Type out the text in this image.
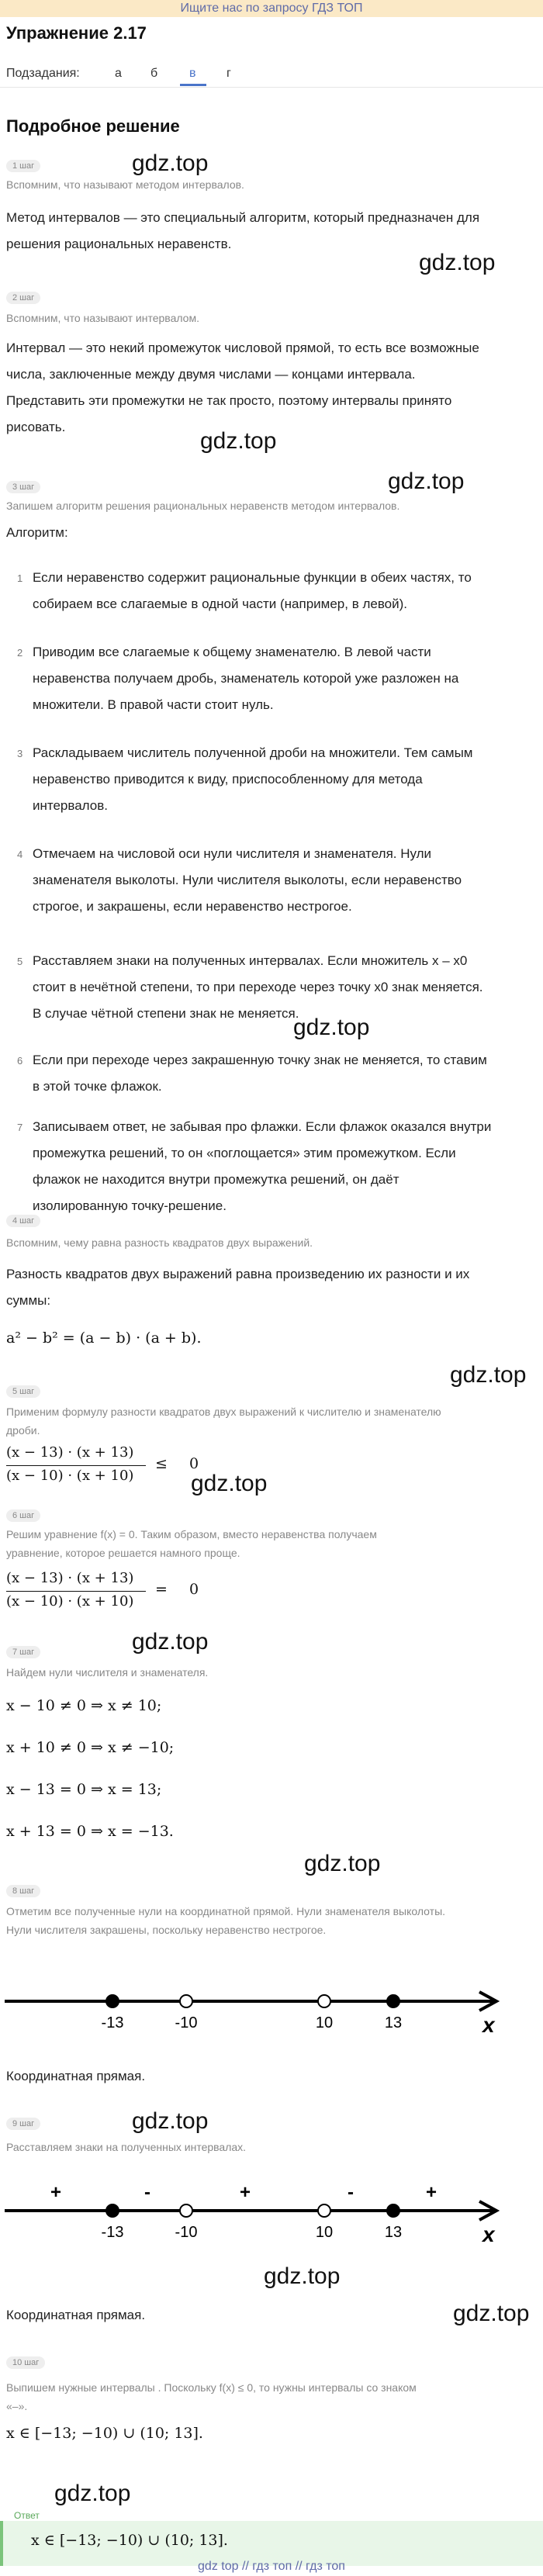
Ищите нас по запросу ГДЗ ТОП
Упражнение 2.17
Подзадания:	а б	в г
Подробное решение
1 шаг	gdz.top
Вспомним, что называют методом интервалов.
Метод интервалов — это специальный алгоритм, который предназначен для
решения рациональных неравенств.
gdz.top
2 шаг
Вспомним, что называют интервалом.
Интервал — это некий промежуток числовой прямой, то есть все возможные
числа, заключенные между двумя числами — концами интервала.
Представить эти промежутки не так просто, поэтому интервалы принято
рисовать.
gdz.top
gdz.top
3 шаг
Запишем алгоритм решения рациональных неравенств методом интервалов.
Алгоритм:
1 Если неравенство содержит рациональные функции в обеих частях, то
собираем все слагаемые в одной части (например, в левой).
2 Приводим все слагаемые к общему знаменателю. В левой части
неравенства получаем дробь, знаменатель которой уже разложен на
множители. В правой части стоит нуль.
3 Раскладываем числитель полученной дроби на множители. Тем самым
неравенство приводится к виду, приспособленному для метода
интервалов.
4 Отмечаем на числовой оси нули числителя и знаменателя. Нули
знаменателя выколоты. Нули числителя выколоты, если неравенство
строгое, и закрашены, если неравенство нестрогое.
5 Расставляем знаки на полученных интервалах. Если множитель x – x0
стоит в нечётной степени, то при переходе через точку x0 знак меняется.
В случае чётной степени знак не меняется.
6 Если при переходе через закрашенную точку знак не меняется, то ставим
в этой точке флажок.
7 Записываем ответ, не забывая про флажки. Если флажок оказался внутри
промежутка решений, то он «поглощается» этим промежутком. Если
флажок не находится внутри промежутка решений, он даёт
изолированную точку-решение.
gdz.top
4 шаг
Вспомним, чему равна разность квадратов двух выражений.
Разность квадратов двух выражений равна произведению их разности и их
суммы:
a² − b² = (a − b) · (a + b).
gdz.top
5 шаг
Применим формулу разности квадратов двух выражений к числителю и знаменателю
дроби.
(x − 13) · (x + 13)
(x − 10) · (x + 10)
≤ 0
gdz.top
6 шаг
Решим уравнение f(x) = 0. Таким образом, вместо неравенства получаем
уравнение, которое решается намного проще.
(x − 13) · (x + 13)
(x − 10) · (x + 10)
= 0
gdz.top
7 шаг
Найдем нули числителя и знаменателя.
x − 10 ≠ 0 ⇒ x ≠ 10;
x + 10 ≠ 0 ⇒ x ≠ −10;
x − 13 = 0 ⇒ x = 13;
x + 13 = 0 ⇒ x = −13.
gdz.top
8 шаг
Отметим все полученные нули на координатной прямой. Нули знаменателя выколоты.
Нули числителя закрашены, поскольку неравенство нестрогое.
x
-13	-10	10	13
Координатная прямая.
9 шаг	gdz.top
Расставляем знаки на полученных интервалах.
x
-13	-10	10	13
+	-	+	-	+
gdz.top
Координатная прямая.	gdz.top
10 шаг
Выпишем нужные интервалы . Поскольку f(x) ≤ 0, то нужны интервалы со знаком
«–».
x ∈ [−13; −10) ∪ (10; 13].
Ответ
gdz.top
x ∈ [−13; −10) ∪ (10; 13].
gdz top // гдз топ // гдз топ
